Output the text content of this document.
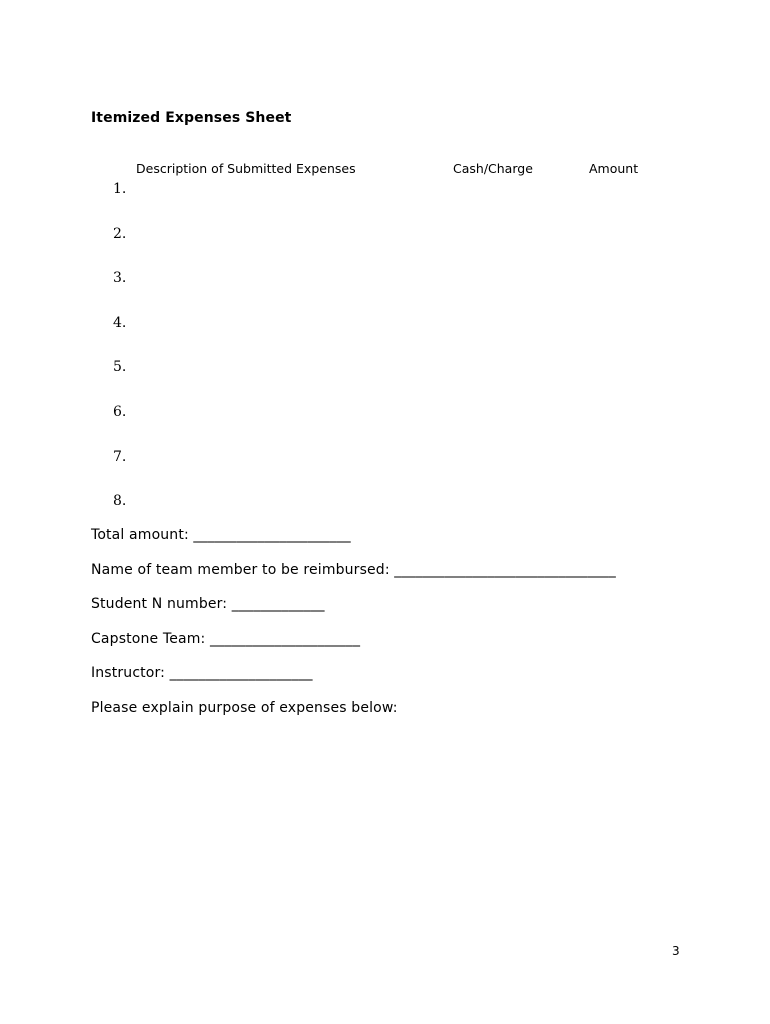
Itemized Expenses Sheet
Description of Submitted Expenses	Cash/Charge	Amount
1.
2.
3.
4.
5.
6.
7.
8.
Total amount: ______________________
Name of team member to be reimbursed: _______________________________
Student N number: _____________
Capstone Team: _____________________
Instructor: ____________________
Please explain purpose of expenses below:
3
